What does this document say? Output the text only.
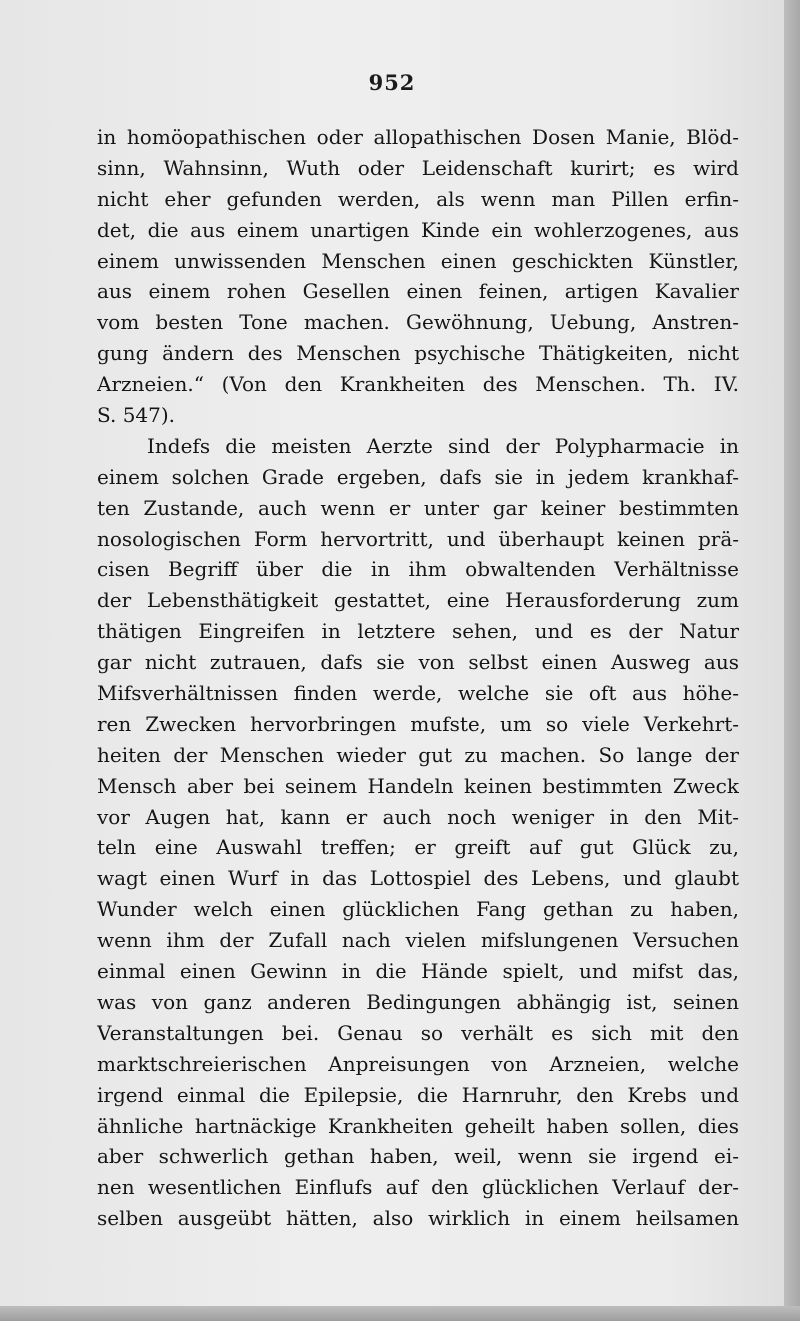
952
in homöopathischen oder allopathischen Dosen Manie, Blöd-
sinn, Wahnsinn, Wuth oder Leidenschaft kurirt; es wird
nicht eher gefunden werden, als wenn man Pillen erfin-
det, die aus einem unartigen Kinde ein wohlerzogenes, aus
einem unwissenden Menschen einen geschickten Künstler,
aus einem rohen Gesellen einen feinen, artigen Kavalier
vom besten Tone machen. Gewöhnung, Uebung, Anstren-
gung ändern des Menschen psychische Thätigkeiten, nicht
Arzneien.“ (Von den Krankheiten des Menschen. Th. IV.
S. 547).
Indefs die meisten Aerzte sind der Polypharmacie in
einem solchen Grade ergeben, dafs sie in jedem krankhaf-
ten Zustande, auch wenn er unter gar keiner bestimmten
nosologischen Form hervortritt, und überhaupt keinen prä-
cisen Begriff über die in ihm obwaltenden Verhältnisse
der Lebensthätigkeit gestattet, eine Herausforderung zum
thätigen Eingreifen in letztere sehen, und es der Natur
gar nicht zutrauen, dafs sie von selbst einen Ausweg aus
Mifsverhältnissen finden werde, welche sie oft aus höhe-
ren Zwecken hervorbringen mufste, um so viele Verkehrt-
heiten der Menschen wieder gut zu machen. So lange der
Mensch aber bei seinem Handeln keinen bestimmten Zweck
vor Augen hat, kann er auch noch weniger in den Mit-
teln eine Auswahl treffen; er greift auf gut Glück zu,
wagt einen Wurf in das Lottospiel des Lebens, und glaubt
Wunder welch einen glücklichen Fang gethan zu haben,
wenn ihm der Zufall nach vielen mifslungenen Versuchen
einmal einen Gewinn in die Hände spielt, und mifst das,
was von ganz anderen Bedingungen abhängig ist, seinen
Veranstaltungen bei. Genau so verhält es sich mit den
marktschreierischen Anpreisungen von Arzneien, welche
irgend einmal die Epilepsie, die Harnruhr, den Krebs und
ähnliche hartnäckige Krankheiten geheilt haben sollen, dies
aber schwerlich gethan haben, weil, wenn sie irgend ei-
nen wesentlichen Einflufs auf den glücklichen Verlauf der-
selben ausgeübt hätten, also wirklich in einem heilsamen
